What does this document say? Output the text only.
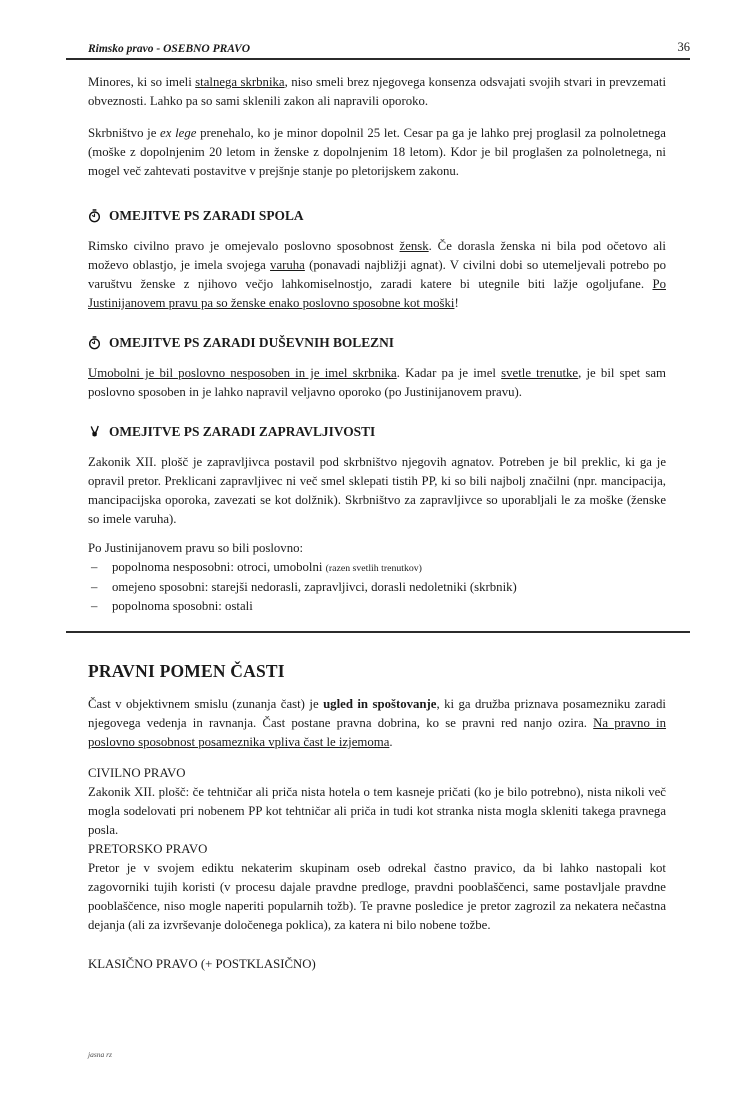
Rimsko pravo - OSEBNO PRAVO	36

Minores, ki so imeli stalnega skrbnika, niso smeli brez njegovega konsenza odsvajati svojih stvari in prevzemati obveznosti. Lahko pa so sami sklenili zakon ali napravili oporoko.

Skrbništvo je ex lege prenehalo, ko je minor dopolnil 25 let. Cesar pa ga je lahko prej proglasil za polnoletnega (moške z dopolnjenim 20 letom in ženske z dopolnjenim 18 letom). Kdor je bil proglašen za polnoletnega, ni mogel več zahtevati postavitve v prejšnje stanje po pletorijskem zakonu.

OMEJITVE PS ZARADI SPOLA

Rimsko civilno pravo je omejevalo poslovno sposobnost žensk. Če dorasla ženska ni bila pod očetovo ali moževo oblastjo, je imela svojega varuha (ponavadi najbližji agnat). V civilni dobi so utemeljevali potrebo po varuštvu ženske z njihovo večjo lahkomiselnostjo, zaradi katere bi utegnile biti lažje ogoljufane. Po Justinijanovem pravu pa so ženske enako poslovno sposobne kot moški!

OMEJITVE PS ZARADI DUŠEVNIH BOLEZNI

Umobolni je bil poslovno nesposoben in je imel skrbnika. Kadar pa je imel svetle trenutke, je bil spet sam poslovno sposoben in je lahko napravil veljavno oporoko (po Justinijanovem pravu).

OMEJITVE PS ZARADI ZAPRAVLJIVOSTI

Zakonik XII. plošč je zapravljivca postavil pod skrbništvo njegovih agnatov. Potreben je bil preklic, ki ga je opravil pretor. Preklicani zapravljivec ni več smel sklepati tistih PP, ki so bili najbolj značilni (npr. mancipacija, mancipacijska oporoka, zavezati se kot dolžnik). Skrbništvo za zapravljivce so uporabljali le za moške (ženske so imele varuha).

Po Justinijanovem pravu so bili poslovno:

–	popolnoma nesposobni: otroci, umobolni (razen svetlih trenutkov)
–	omejeno sposobni: starejši nedorasli, zapravljivci, dorasli nedoletniki (skrbnik)
–	popolnoma sposobni: ostali
PRAVNI POMEN ČASTI

Čast v objektivnem smislu (zunanja čast) je ugled in spoštovanje, ki ga družba priznava posamezniku zaradi njegovega vedenja in ravnanja. Čast postane pravna dobrina, ko se pravni red nanjo ozira. Na pravno in poslovno sposobnost posameznika vpliva čast le izjemoma.

CIVILNO PRAVO

Zakonik XII. plošč: če tehtničar ali priča nista hotela o tem kasneje pričati (ko je bilo potrebno), nista nikoli več mogla sodelovati pri nobenem PP kot tehtničar ali priča in tudi kot stranka nista mogla skleniti takega pravnega posla.

PRETORSKO PRAVO

Pretor je v svojem ediktu nekaterim skupinam oseb odrekal častno pravico, da bi lahko nastopali kot zagovorniki tujih koristi (v procesu dajale pravdne predloge, pravdni pooblaščenci, same postavljale pravdne pooblaščence, niso mogle naperiti popularnih tožb). Te pravne posledice je pretor zagrozil za nekatera nečastna dejanja (ali za izvrševanje določenega poklica), za katera ni bilo nobene tožbe.

KLASIČNO PRAVO (+ POSTKLASIČNO)
jasna rz
